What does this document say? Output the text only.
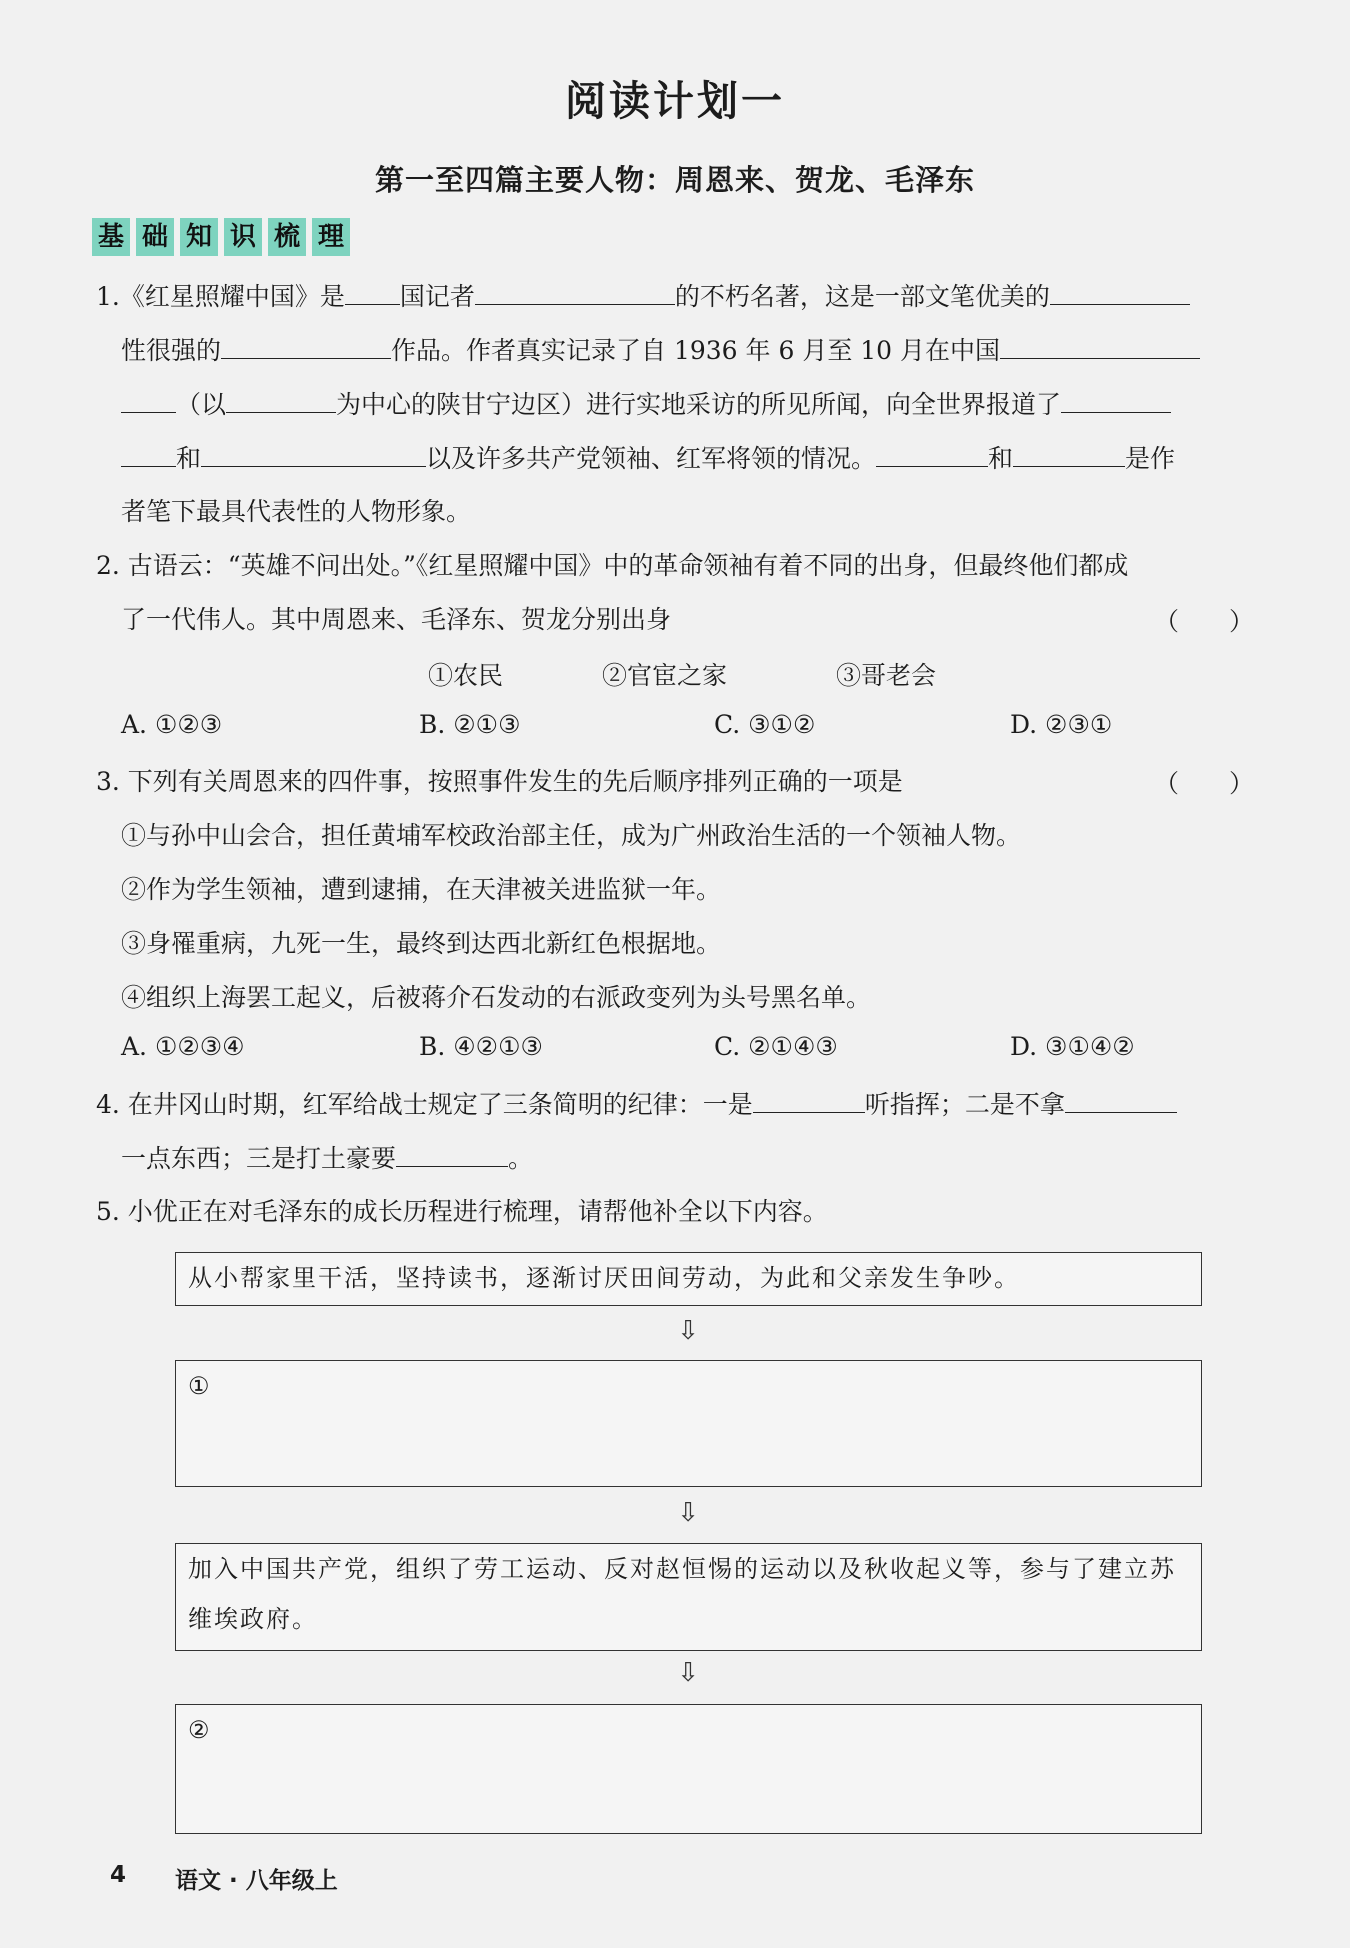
阅读计划一
第一至四篇主要人物：周恩来、贺龙、毛泽东
基 础 知 识 梳 理
1.《红星照耀中国》是 国记者	的不朽名著，这是一部文笔优美的
性很强的	作品。作者真实记录了自 1936 年 6 月至 10 月在中国
（以	为中心的陕甘宁边区）进行实地采访的所见所闻，向全世界报道了
和	以及许多共产党领袖、红军将领的情况。	和	是作
者笔下最具代表性的人物形象。
2. 古语云：“英雄不问出处。”《红星照耀中国》中的革命领袖有着不同的出身，但最终他们都成
了一代伟人。其中周恩来、毛泽东、贺龙分别出身	（　　）
①农民	②官宦之家	③哥老会
A. ①②③	B. ②①③	C. ③①②	D. ②③①
3. 下列有关周恩来的四件事，按照事件发生的先后顺序排列正确的一项是	（　　）
①与孙中山会合，担任黄埔军校政治部主任，成为广州政治生活的一个领袖人物。
②作为学生领袖，遭到逮捕，在天津被关进监狱一年。
③身罹重病，九死一生，最终到达西北新红色根据地。
④组织上海罢工起义，后被蒋介石发动的右派政变列为头号黑名单。
A. ①②③④	B. ④②①③	C. ②①④③	D. ③①④②
4. 在井冈山时期，红军给战士规定了三条简明的纪律：一是	听指挥；二是不拿
一点东西；三是打土豪要	。
5. 小优正在对毛泽东的成长历程进行梳理，请帮他补全以下内容。
从小帮家里干活，坚持读书，逐渐讨厌田间劳动，为此和父亲发生争吵。
⇩
①
⇩
加入中国共产党，组织了劳工运动、反对赵恒惕的运动以及秋收起义等，参与了建立苏维埃政府。
⇩
②
4 语文 · 八年级上
